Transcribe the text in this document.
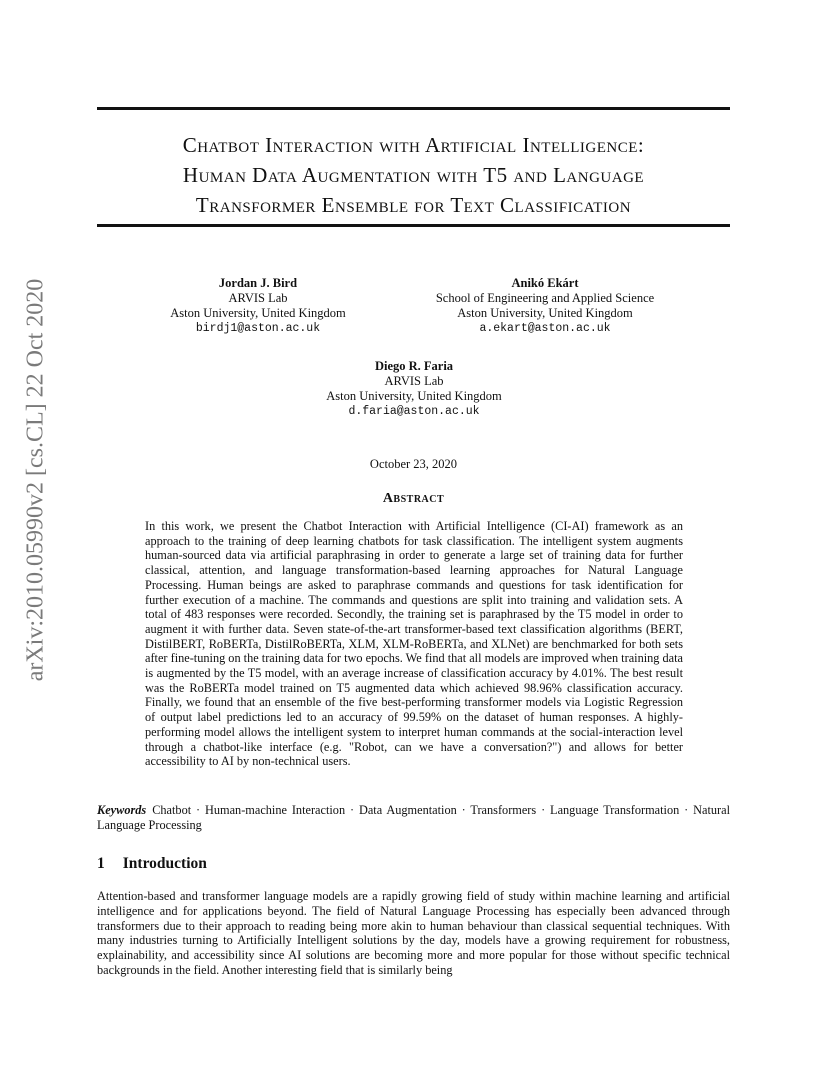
arXiv:2010.05990v2 [cs.CL] 22 Oct 2020
Chatbot Interaction with Artificial Intelligence:
Human Data Augmentation with T5 and Language
Transformer Ensemble for Text Classification
Jordan J. Bird
ARVIS Lab
Aston University, United Kingdom
birdj1@aston.ac.uk
Anikó Ekárt
School of Engineering and Applied Science
Aston University, United Kingdom
a.ekart@aston.ac.uk
Diego R. Faria
ARVIS Lab
Aston University, United Kingdom
d.faria@aston.ac.uk
October 23, 2020
Abstract
In this work, we present the Chatbot Interaction with Artificial Intelligence (CI-AI) framework as an approach to the training of deep learning chatbots for task classification. The intelligent system augments human-sourced data via artificial paraphrasing in order to generate a large set of training data for further classical, attention, and language transformation-based learning approaches for Natural Language Processing. Human beings are asked to paraphrase commands and questions for task identification for further execution of a machine. The commands and questions are split into training and validation sets. A total of 483 responses were recorded. Secondly, the training set is paraphrased by the T5 model in order to augment it with further data. Seven state-of-the-art transformer-based text classification algorithms (BERT, DistilBERT, RoBERTa, DistilRoBERTa, XLM, XLM-RoBERTa, and XLNet) are benchmarked for both sets after fine-tuning on the training data for two epochs. We find that all models are improved when training data is augmented by the T5 model, with an average increase of classification accuracy by 4.01%. The best result was the RoBERTa model trained on T5 augmented data which achieved 98.96% classification accuracy. Finally, we found that an ensemble of the five best-performing transformer models via Logistic Regression of output label predictions led to an accuracy of 99.59% on the dataset of human responses. A highly-performing model allows the intelligent system to interpret human commands at the social-interaction level through a chatbot-like interface (e.g. "Robot, can we have a conversation?") and allows for better accessibility to AI by non-technical users.
Keywords Chatbot · Human-machine Interaction · Data Augmentation · Transformers · Language Transformation · Natural Language Processing
1 Introduction
Attention-based and transformer language models are a rapidly growing field of study within machine learning and artificial intelligence and for applications beyond. The field of Natural Language Processing has especially been advanced through transformers due to their approach to reading being more akin to human behaviour than classical sequential techniques. With many industries turning to Artificially Intelligent solutions by the day, models have a growing requirement for robustness, explainability, and accessibility since AI solutions are becoming more and more popular for those without specific technical backgrounds in the field. Another interesting field that is similarly being
